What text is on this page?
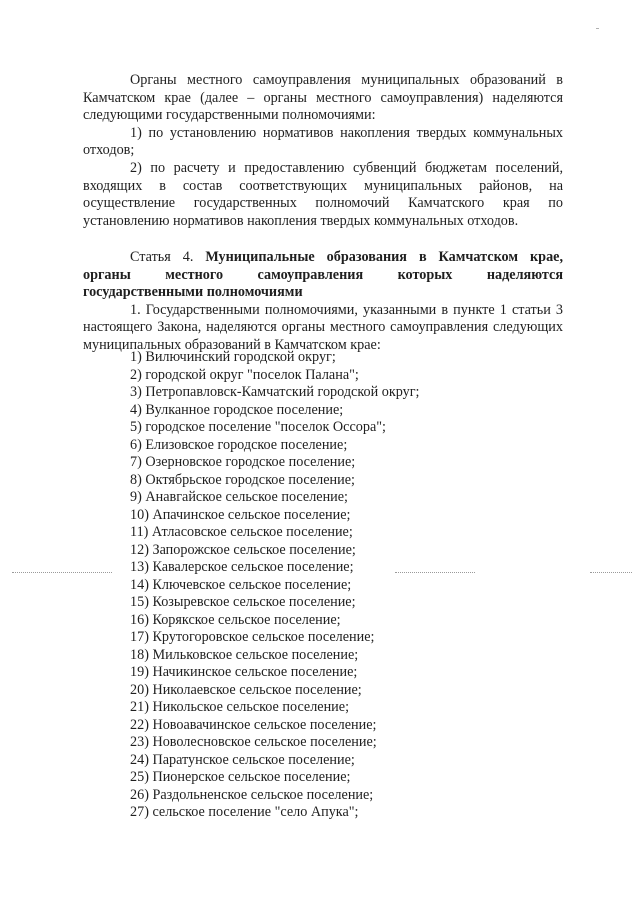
Органы местного самоуправления муниципальных образований в Камчатском крае (далее – органы местного самоуправления) наделяются следующими государственными полномочиями:

1) по установлению нормативов накопления твердых коммунальных отходов;

2) по расчету и предоставлению субвенций бюджетам поселений, входящих в состав соответствующих муниципальных районов, на осуществление государственных полномочий Камчатского края по установлению нормативов накопления твердых коммунальных отходов.

Статья 4. Муниципальные образования в Камчатском крае, органы местного самоуправления которых наделяются государственными полномочиями

1. Государственными полномочиями, указанными в пункте 1 статьи 3 настоящего Закона, наделяются органы местного самоуправления следующих муниципальных образований в Камчатском крае:

1) Вилючинский городской округ;
2) городской округ "поселок Палана";
3) Петропавловск-Камчатский городской округ;
4) Вулканное городское поселение;
5) городское поселение "поселок Оссора";
6) Елизовское городское поселение;
7) Озерновское городское поселение;
8) Октябрьское городское поселение;
9) Анавгайское сельское поселение;
10) Апачинское сельское поселение;
11) Атласовское сельское поселение;
12) Запорожское сельское поселение;
13) Кавалерское сельское поселение;
14) Ключевское сельское поселение;
15) Козыревское сельское поселение;
16) Корякское сельское поселение;
17) Крутогоровское сельское поселение;
18) Мильковское сельское поселение;
19) Начикинское сельское поселение;
20) Николаевское сельское поселение;
21) Никольское сельское поселение;
22) Новоавачинское сельское поселение;
23) Новолесновское сельское поселение;
24) Паратунское сельское поселение;
25) Пионерское сельское поселение;
26) Раздольненское сельское поселение;
27) сельское поселение "село Апука";
